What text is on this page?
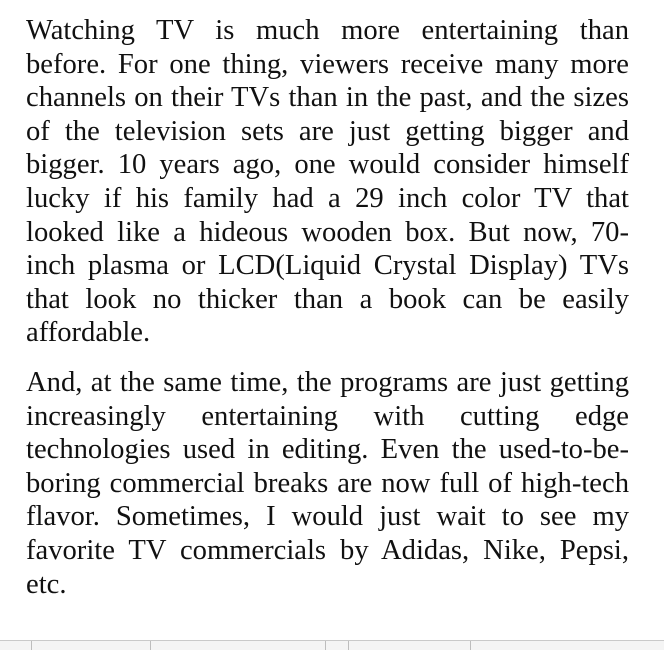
Watching TV is much more entertaining than before. For one thing, viewers receive many more channels on their TVs than in the past, and the sizes of the television sets are just getting bigger and bigger. 10 years ago, one would consider himself lucky if his family had a 29 inch color TV that looked like a hideous wooden box. But now, 70-inch plasma or LCD(Liquid Crystal Display) TVs that look no thicker than a book can be easily affordable.

And, at the same time, the programs are just getting increasingly entertaining with cutting edge technologies used in editing. Even the used-to-be-boring commercial breaks are now full of high-tech flavor. Sometimes, I would just wait to see my favorite TV commercials by Adidas, Nike, Pepsi, etc.
